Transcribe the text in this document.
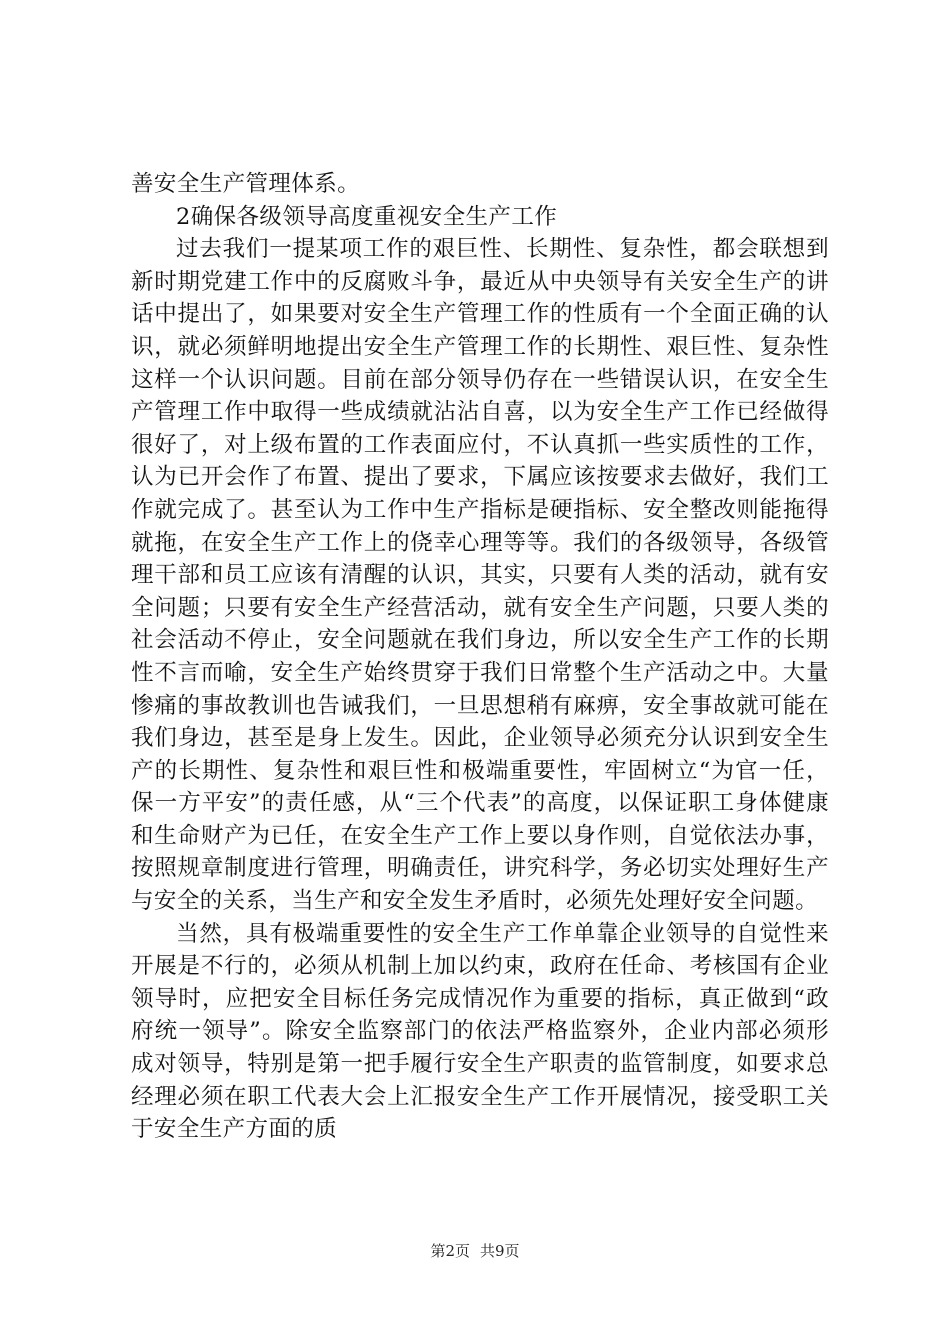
善安全生产管理体系。

2确保各级领导高度重视安全生产工作

过去我们一提某项工作的艰巨性、长期性、复杂性，都会联想到新时期党建工作中的反腐败斗争，最近从中央领导有关安全生产的讲话中提出了，如果要对安全生产管理工作的性质有一个全面正确的认识，就必须鲜明地提出安全生产管理工作的长期性、艰巨性、复杂性这样一个认识问题。目前在部分领导仍存在一些错误认识，在安全生产管理工作中取得一些成绩就沾沾自喜，以为安全生产工作已经做得很好了，对上级布置的工作表面应付，不认真抓一些实质性的工作，认为已开会作了布置、提出了要求，下属应该按要求去做好，我们工作就完成了。甚至认为工作中生产指标是硬指标、安全整改则能拖得就拖，在安全生产工作上的侥幸心理等等。我们的各级领导，各级管理干部和员工应该有清醒的认识，其实，只要有人类的活动，就有安全问题；只要有安全生产经营活动，就有安全生产问题，只要人类的社会活动不停止，安全问题就在我们身边，所以安全生产工作的长期性不言而喻，安全生产始终贯穿于我们日常整个生产活动之中。大量惨痛的事故教训也告诫我们，一旦思想稍有麻痹，安全事故就可能在我们身边，甚至是身上发生。因此，企业领导必须充分认识到安全生产的长期性、复杂性和艰巨性和极端重要性，牢固树立“为官一任，保一方平安”的责任感，从“三个代表”的高度，以保证职工身体健康和生命财产为已任，在安全生产工作上要以身作则，自觉依法办事，按照规章制度进行管理，明确责任，讲究科学，务必切实处理好生产与安全的关系，当生产和安全发生矛盾时，必须先处理好安全问题。

当然，具有极端重要性的安全生产工作单靠企业领导的自觉性来开展是不行的，必须从机制上加以约束，政府在任命、考核国有企业领导时，应把安全目标任务完成情况作为重要的指标，真正做到“政府统一领导”。除安全监察部门的依法严格监察外，企业内部必须形成对领导，特别是第一把手履行安全生产职责的监管制度，如要求总经理必须在职工代表大会上汇报安全生产工作开展情况，接受职工关于安全生产方面的质

第2页 共9页
